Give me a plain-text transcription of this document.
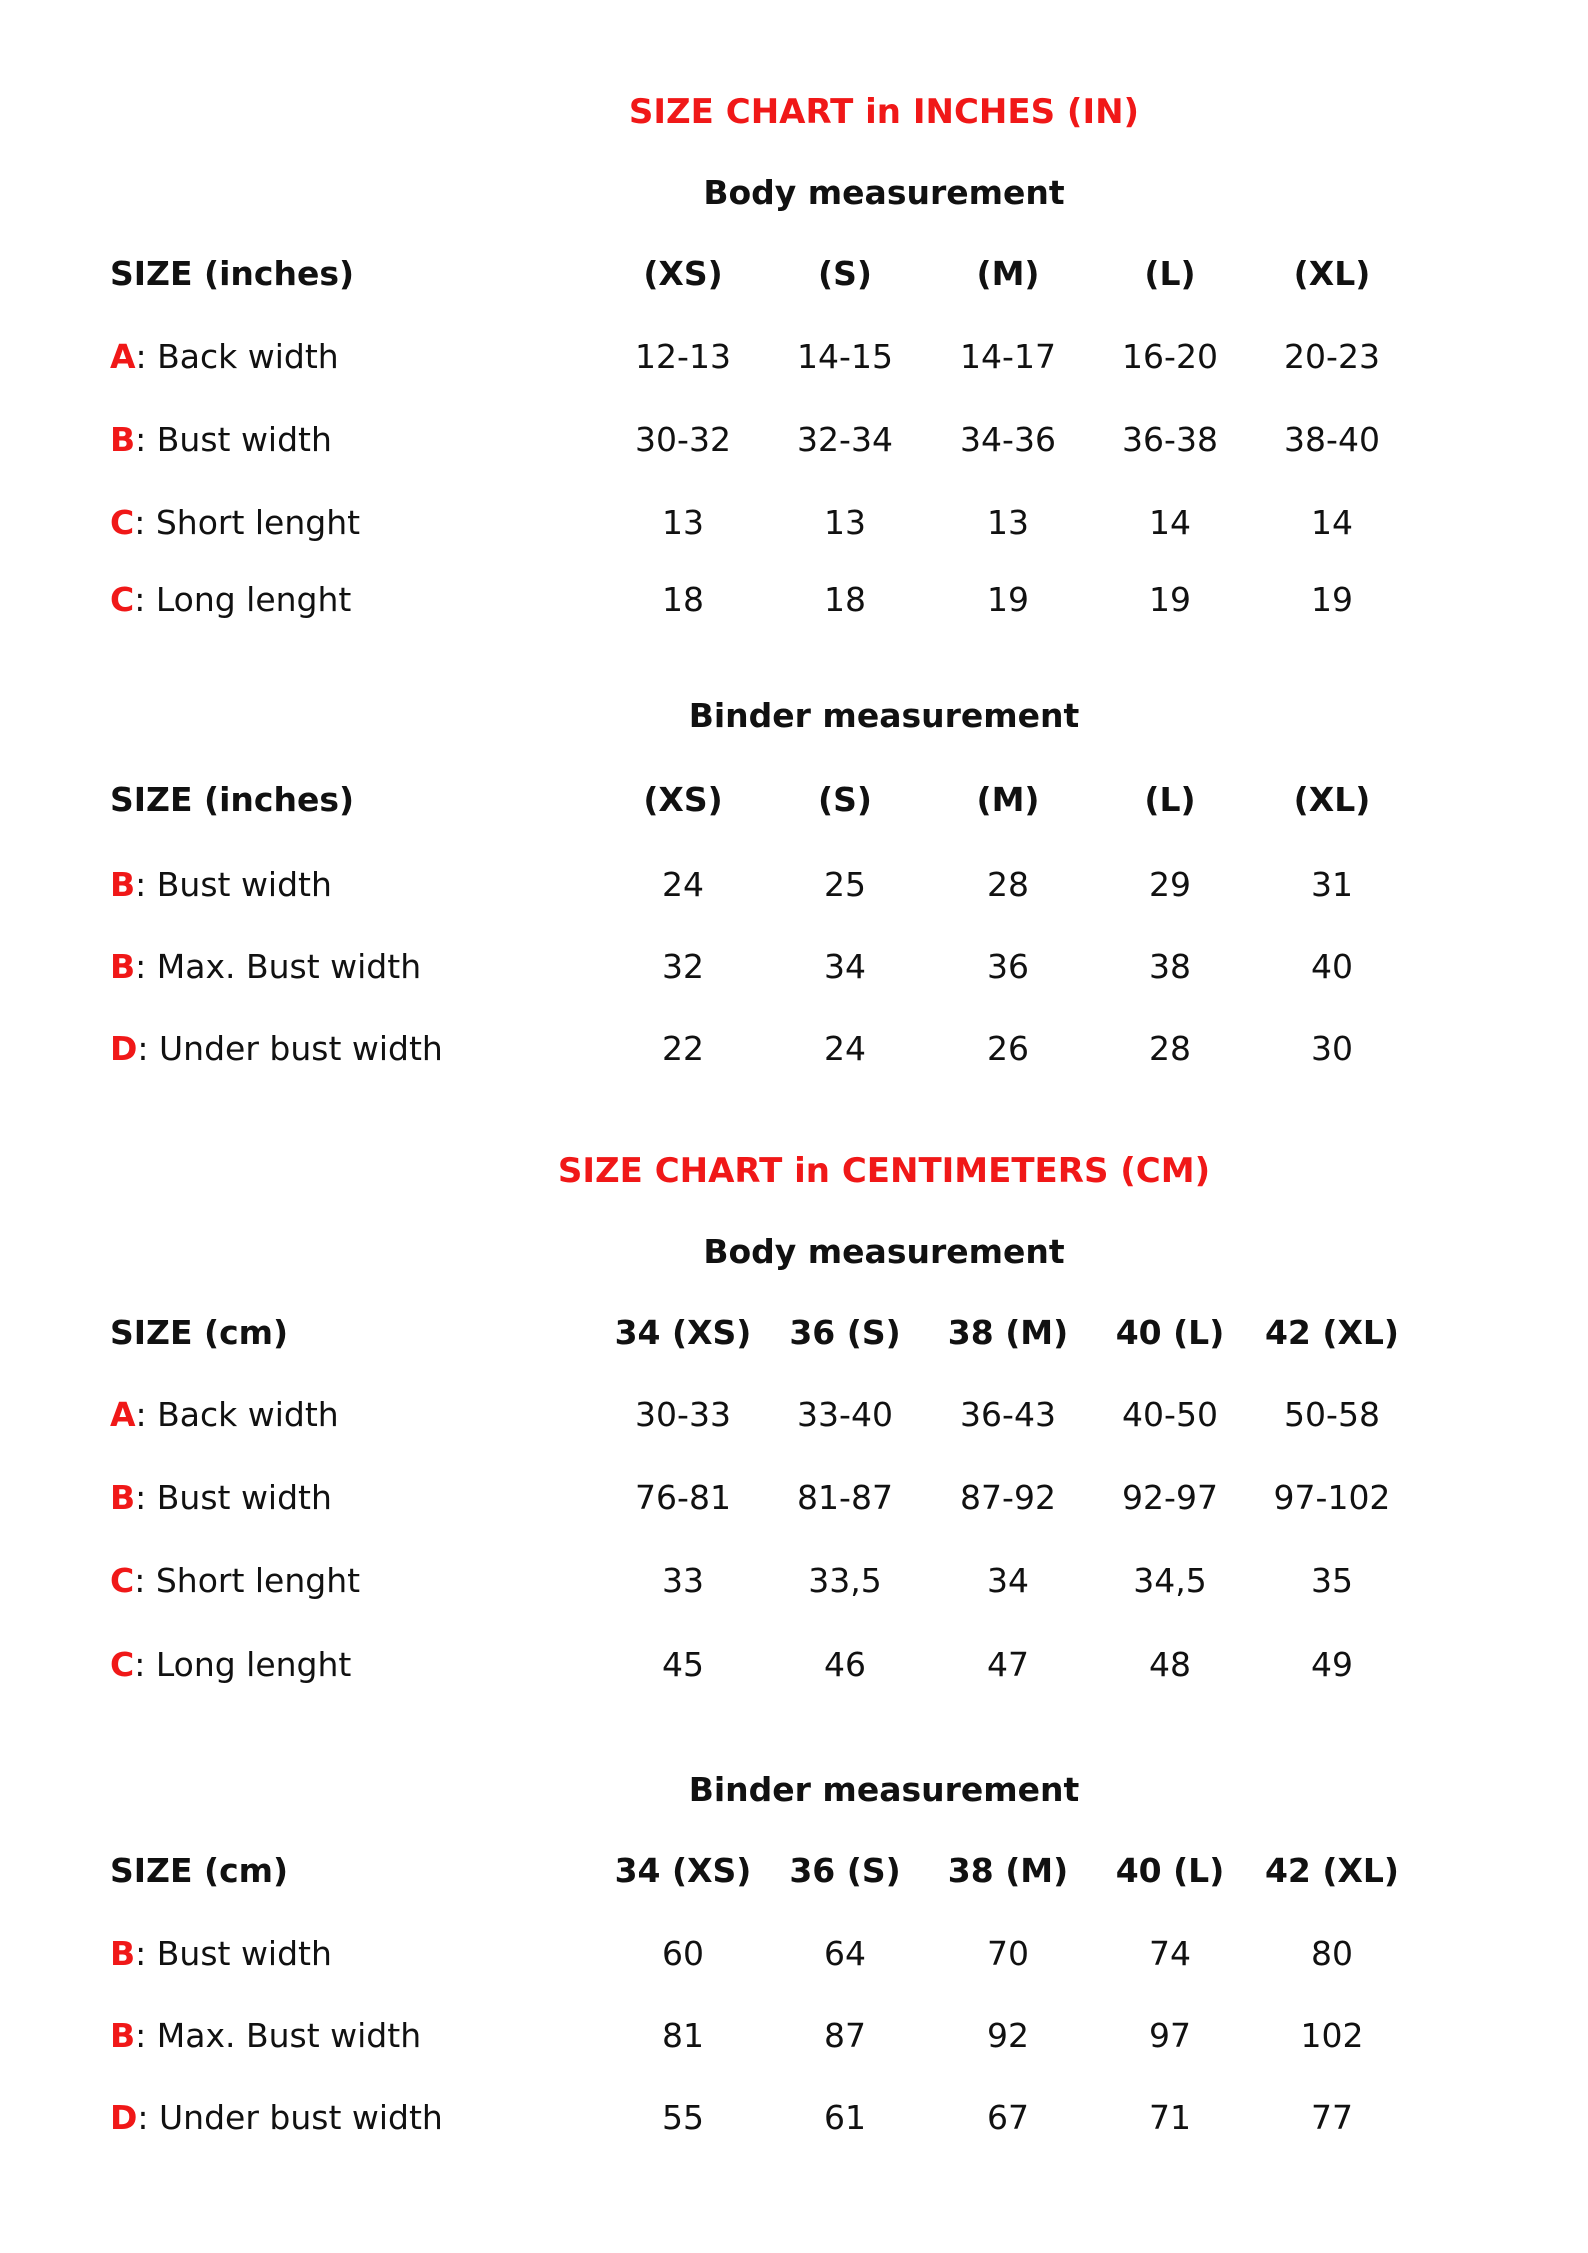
SIZE CHART in INCHES (IN)
Body measurement
SIZE (inches)	(XS)	(S)	(M)	(L)	(XL)
A: Back width	12-13	14-15	14-17	16-20	20-23
B: Bust width	30-32	32-34	34-36	36-38	38-40
C: Short lenght	13	13	13	14	14
C: Long lenght	18	18	19	19	19
Binder measurement
SIZE (inches)	(XS)	(S)	(M)	(L)	(XL)
B: Bust width	24	25	28	29	31
B: Max. Bust width	32	34	36	38	40
D: Under bust width	22	24	26	28	30
SIZE CHART in CENTIMETERS (CM)
Body measurement
SIZE (cm)	34 (XS)	36 (S)	38 (M)	40 (L)	42 (XL)
A: Back width	30-33	33-40	36-43	40-50	50-58
B: Bust width	76-81	81-87	87-92	92-97	97-102
C: Short lenght	33	33,5	34	34,5	35
C: Long lenght	45	46	47	48	49
Binder measurement
SIZE (cm)	34 (XS)	36 (S)	38 (M)	40 (L)	42 (XL)
B: Bust width	60	64	70	74	80
B: Max. Bust width	81	87	92	97	102
D: Under bust width	55	61	67	71	77
